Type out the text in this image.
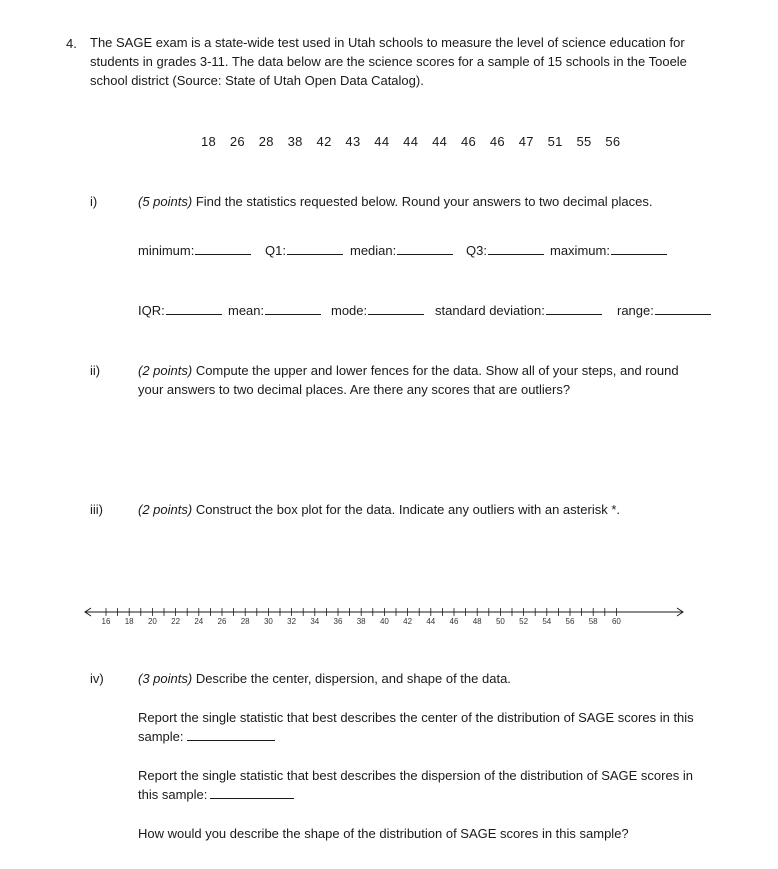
4. The SAGE exam is a state-wide test used in Utah schools to measure the level of science education for
students in grades 3-11. The data below are the science scores for a sample of 15 schools in the Tooele
school district (Source: State of Utah Open Data Catalog).
18  26  28  38  42  43  44  44  44  46  46  47  51  55  56
i)	(5 points) Find the statistics requested below. Round your answers to two decimal places.
minimum:	Q1:	median:	Q3:	maximum:
IQR:	mean:	mode:	standard deviation:	range:
ii)	(2 points) Compute the upper and lower fences for the data. Show all of your steps, and round
your answers to two decimal places. Are there any scores that are outliers?
iii)	(2 points) Construct the box plot for the data. Indicate any outliers with an asterisk *.
16 18 20 22 24 26 28 30 32 34 36 38 40 42 44 46 48 50 52 54 56 58 60
iv)	(3 points) Describe the center, dispersion, and shape of the data.
Report the single statistic that best describes the center of the distribution of SAGE scores in this
sample:
Report the single statistic that best describes the dispersion of the distribution of SAGE scores in
this sample:
How would you describe the shape of the distribution of SAGE scores in this sample?
